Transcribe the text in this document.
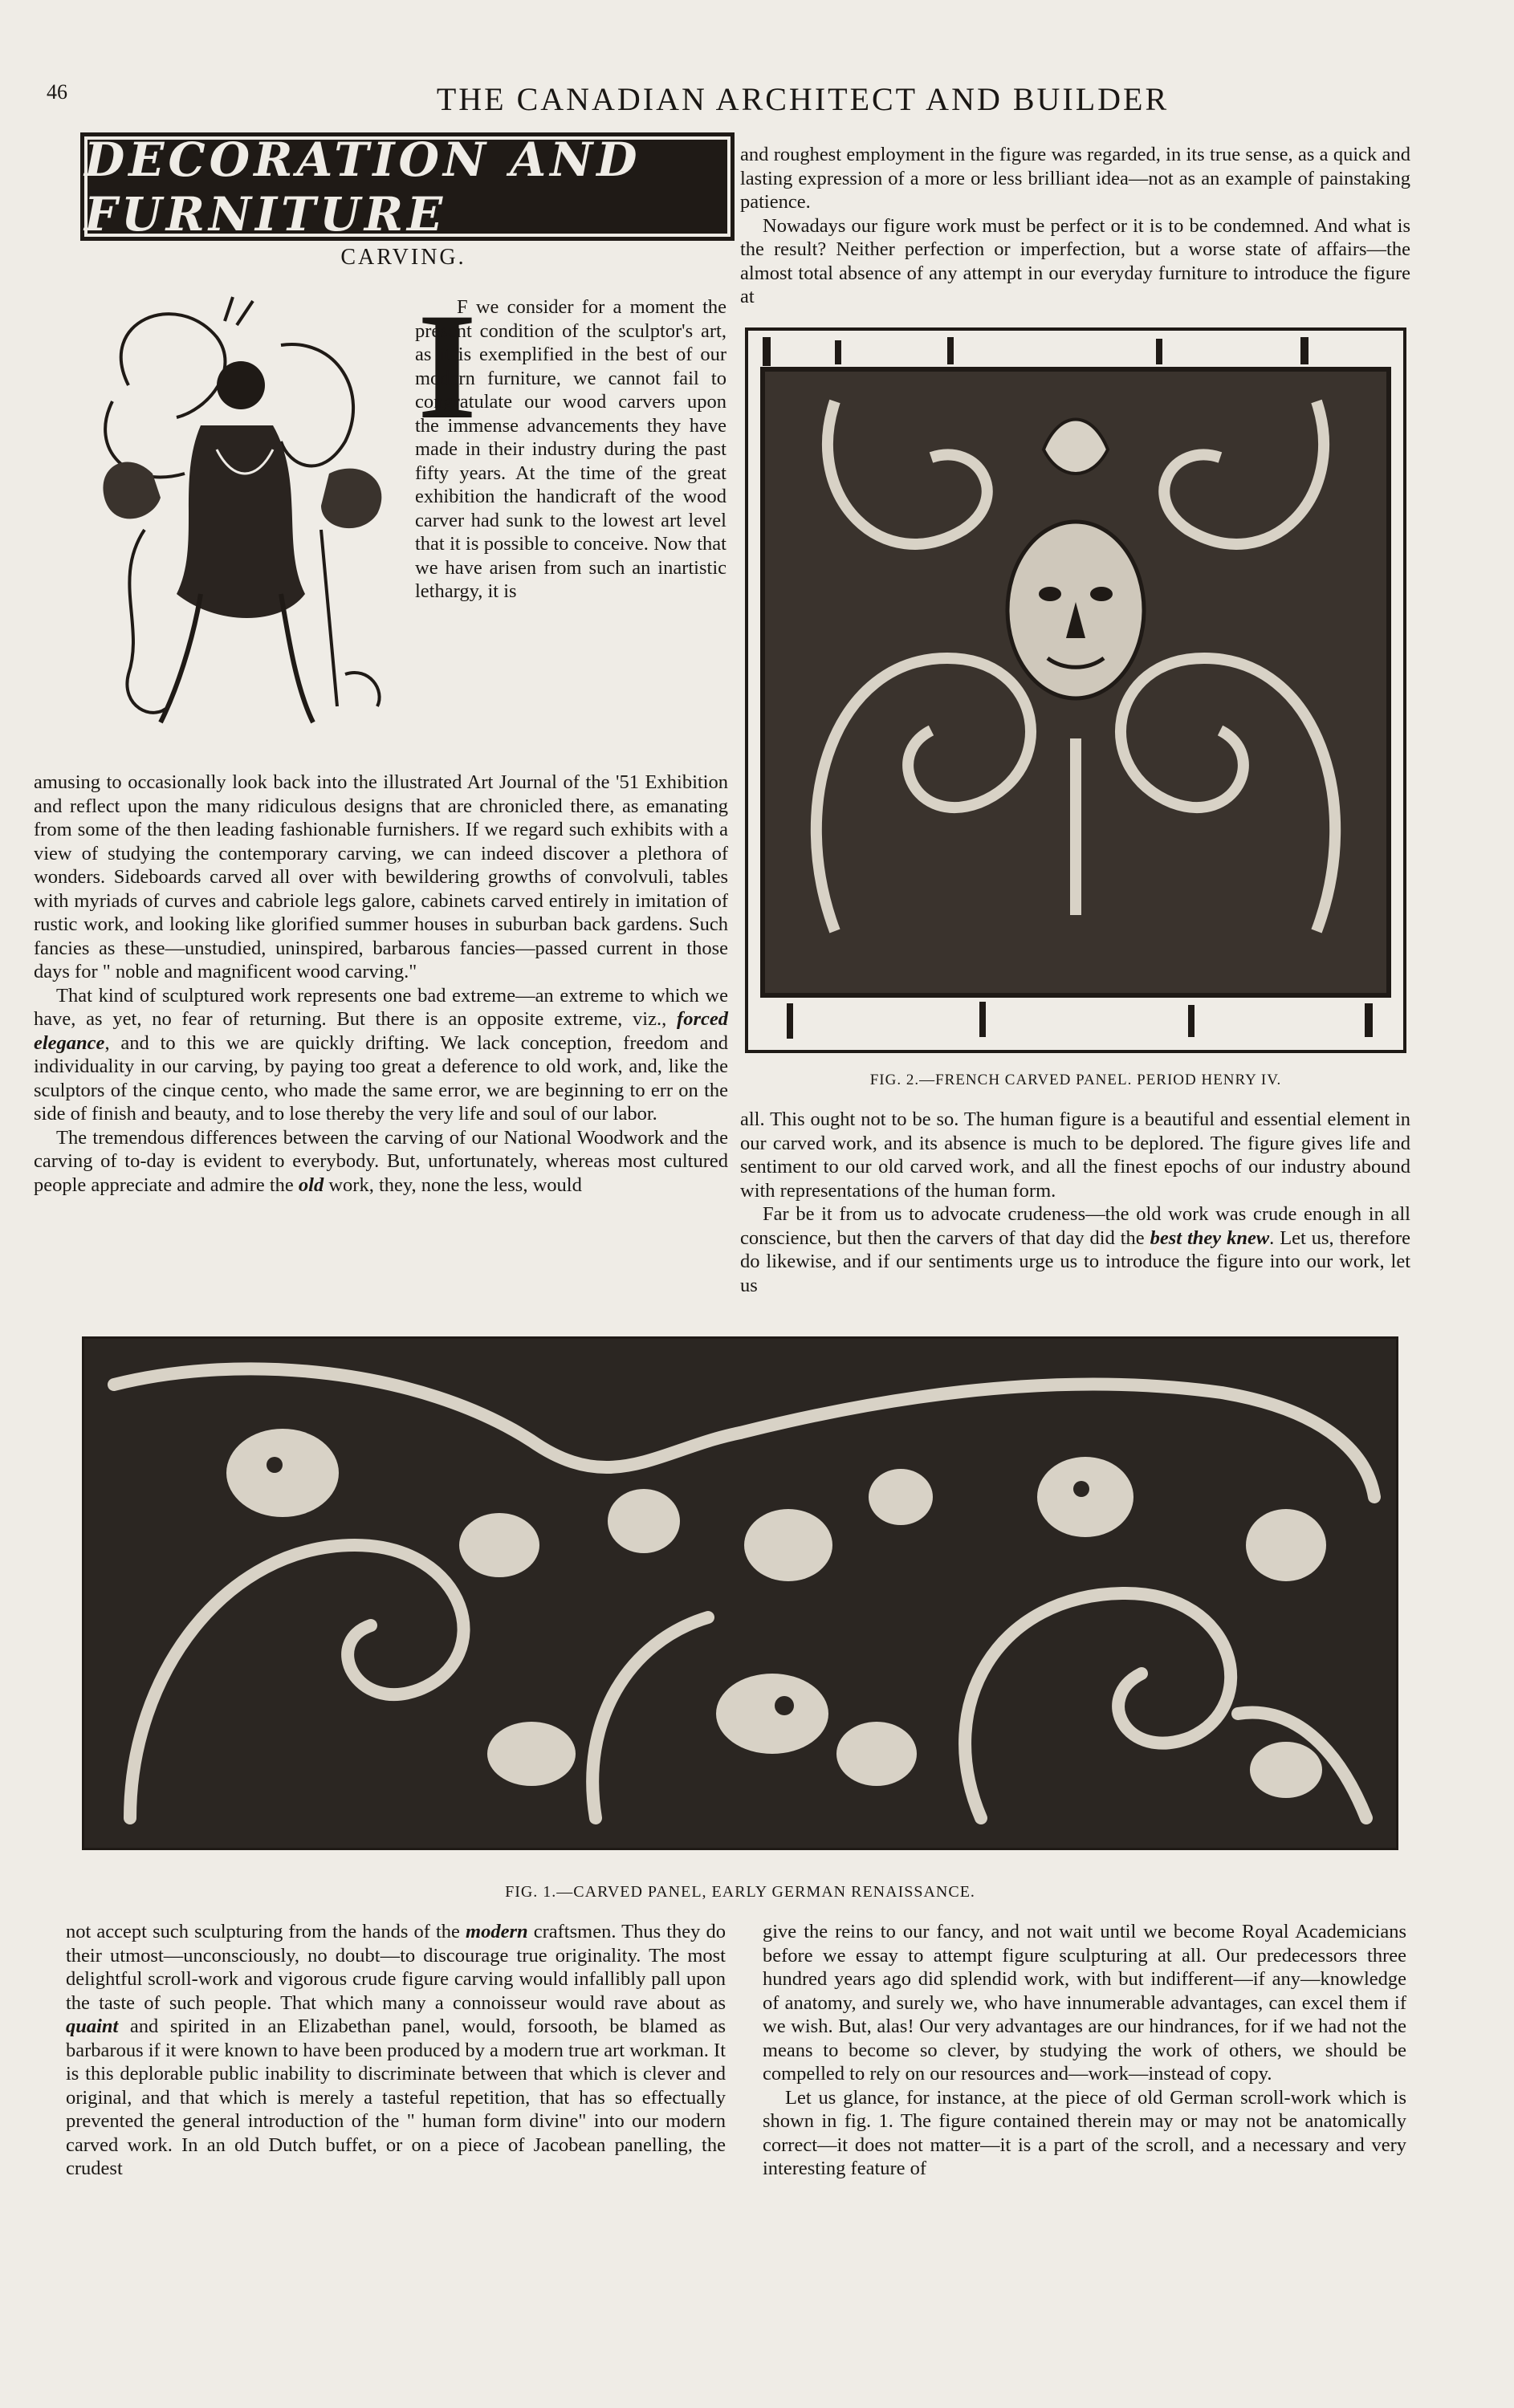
46	THE CANADIAN ARCHITECT AND BUILDER
DECORATION AND FURNITURE
CARVING.
I

F we consider for a moment the present condition of the sculptor's art, as it is exemplified in the best of our modern furniture, we cannot fail to congratulate our wood carvers upon the immense advancements they have made in their industry during the past fifty years. At the time of the great exhibition the handicraft of the wood carver had sunk to the lowest art level that it is possible to conceive. Now that we have arisen from such an inartistic lethargy, it is

amusing to occasionally look back into the illustrated Art Journal of the '51 Exhibition and reflect upon the many ridiculous designs that are chronicled there, as emanating from some of the then leading fashionable furnishers. If we regard such exhibits with a view of studying the contemporary carving, we can indeed discover a plethora of wonders. Sideboards carved all over with bewildering growths of convolvuli, tables with myriads of curves and cabriole legs galore, cabinets carved entirely in imitation of rustic work, and looking like glorified summer houses in suburban back gardens. Such fancies as these—unstudied, uninspired, barbarous fancies—passed current in those days for " noble and magnificent wood carving."

That kind of sculptured work represents one bad extreme—an extreme to which we have, as yet, no fear of returning. But there is an opposite extreme, viz., forced elegance, and to this we are quickly drifting. We lack conception, freedom and individuality in our carving, by paying too great a deference to old work, and, like the sculptors of the cinque cento, who made the same error, we are beginning to err on the side of finish and beauty, and to lose thereby the very life and soul of our labor.

The tremendous differences between the carving of our National Woodwork and the carving of to-day is evident to everybody. But, unfortunately, whereas most cultured people appreciate and admire the old work, they, none the less, would

and roughest employment in the figure was regarded, in its true sense, as a quick and lasting expression of a more or less brilliant idea—not as an example of painstaking patience.

Nowadays our figure work must be perfect or it is to be condemned. And what is the result? Neither perfection or imperfection, but a worse state of affairs—the almost total absence of any attempt in our everyday furniture to introduce the figure at

FIG. 2.—FRENCH CARVED PANEL. PERIOD HENRY IV.

all. This ought not to be so. The human figure is a beautiful and essential element in our carved work, and its absence is much to be deplored. The figure gives life and sentiment to our old carved work, and all the finest epochs of our industry abound with representations of the human form.

Far be it from us to advocate crudeness—the old work was crude enough in all conscience, but then the carvers of that day did the best they knew. Let us, therefore do likewise, and if our sentiments urge us to introduce the figure into our work, let us

FIG. 1.—CARVED PANEL, EARLY GERMAN RENAISSANCE.

not accept such sculpturing from the hands of the modern craftsmen. Thus they do their utmost—unconsciously, no doubt—to discourage true originality. The most delightful scroll-work and vigorous crude figure carving would infallibly pall upon the taste of such people. That which many a connoisseur would rave about as quaint and spirited in an Elizabethan panel, would, forsooth, be blamed as barbarous if it were known to have been produced by a modern true art workman. It is this deplorable public inability to discriminate between that which is clever and original, and that which is merely a tasteful repetition, that has so effectually prevented the general introduction of the " human form divine" into our modern carved work. In an old Dutch buffet, or on a piece of Jacobean panelling, the crudest

give the reins to our fancy, and not wait until we become Royal Academicians before we essay to attempt figure sculpturing at all. Our predecessors three hundred years ago did splendid work, with but indifferent—if any—knowledge of anatomy, and surely we, who have innumerable advantages, can excel them if we wish. But, alas! Our very advantages are our hindrances, for if we had not the means to become so clever, by studying the work of others, we should be compelled to rely on our resources and—work—instead of copy.

Let us glance, for instance, at the piece of old German scroll-work which is shown in fig. 1. The figure contained therein may or may not be anatomically correct—it does not matter—it is a part of the scroll, and a necessary and very interesting feature of
